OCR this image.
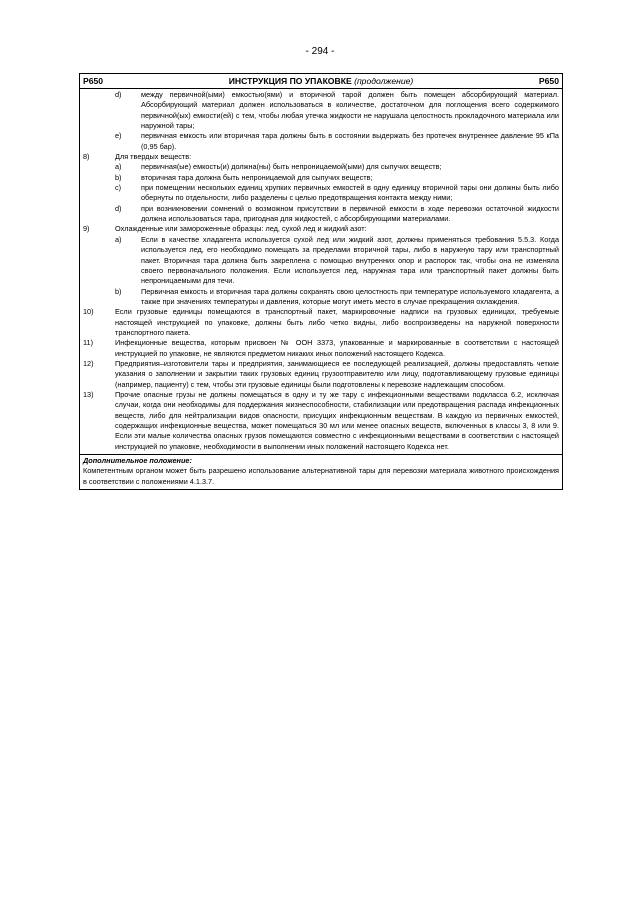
- 294 -
P650	ИНСТРУКЦИЯ ПО УПАКОВКЕ (продолжение)	P650
d)	между первичной(ыми) емкостью(ями) и вторичной тарой должен быть помещен абсорбирующий материал. Абсорбирующий материал должен использоваться в количестве, достаточном для поглощения всего содержимого первичной(ых) емкости(ей) с тем, чтобы любая утечка жидкости не нарушала целостность прокладочного материала или наружной тары;
e)	первичная емкость или вторичная тара должны быть в состоянии выдержать без протечек внутреннее давление 95 кПа (0,95 бар).
8)	Для твердых веществ:
a)	первичная(ые) емкость(и) должна(ны) быть непроницаемой(ыми) для сыпучих веществ;
b)	вторичная тара должна быть непроницаемой для сыпучих веществ;
c)	при помещении нескольких единиц хрупких первичных емкостей в одну единицу вторичной тары они должны быть либо обернуты по отдельности, либо разделены с целью предотвращения контакта между ними;
d)	при возникновении сомнений о возможном присутствии в первичной емкости в ходе перевозки остаточной жидкости должна использоваться тара, пригодная для жидкостей, с абсорбирующими материалами.
9)	Охлажденные или замороженные образцы: лед, сухой лед и жидкий азот:
a)	Если в качестве хладагента используется сухой лед или жидкий азот, должны применяться требования 5.5.3. Когда используется лед, его необходимо помещать за пределами вторичной тары, либо в наружную тару или транспортный пакет. Вторичная тара должна быть закреплена с помощью внутренних опор и распорок так, чтобы она не изменяла своего первоначального положения. Если используется лед, наружная тара или транспортный пакет должны быть непроницаемыми для течи.
b)	Первичная емкость и вторичная тара должны сохранять свою целостность при температуре используемого хладагента, а также при значениях температуры и давления, которые могут иметь место в случае прекращения охлаждения.
10)	Если грузовые единицы помещаются в транспортный пакет, маркировочные надписи на грузовых единицах, требуемые настоящей инструкцией по упаковке, должны быть либо четко видны, либо воспроизведены на наружной поверхности транспортного пакета.
11)	Инфекционные вещества, которым присвоен № ООН 3373, упакованные и маркированные в соответствии с настоящей инструкцией по упаковке, не являются предметом никаких иных положений настоящего Кодекса.
12)	Предприятия–изготовители тары и предприятия, занимающиеся ее последующей реализацией, должны предоставлять четкие указания о заполнении и закрытии таких грузовых единиц грузоотправителю или лицу, подготавливающему грузовые единицы (например, пациенту) с тем, чтобы эти грузовые единицы были подготовлены к перевозке надлежащим способом.
13)	Прочие опасные грузы не должны помещаться в одну и ту же тару с инфекционными веществами подкласса 6.2, исключая случаи, когда они необходимы для поддержания жизнеспособности, стабилизации или предотвращения распада инфекционных веществ, либо для нейтрализации видов опасности, присущих инфекционным веществам. В каждую из первичных емкостей, содержащих инфекционные вещества, может помещаться 30 мл или менее опасных веществ, включенных в классы 3, 8 или 9. Если эти малые количества опасных грузов помещаются совместно с инфекционными веществами в соответствии с настоящей инструкцией по упаковке, необходимости в выполнении иных положений настоящего Кодекса нет.
Дополнительное положение:
Компетентным органом может быть разрешено использование альтернативной тары для перевозки материала животного происхождения в соответствии с положениями 4.1.3.7.
